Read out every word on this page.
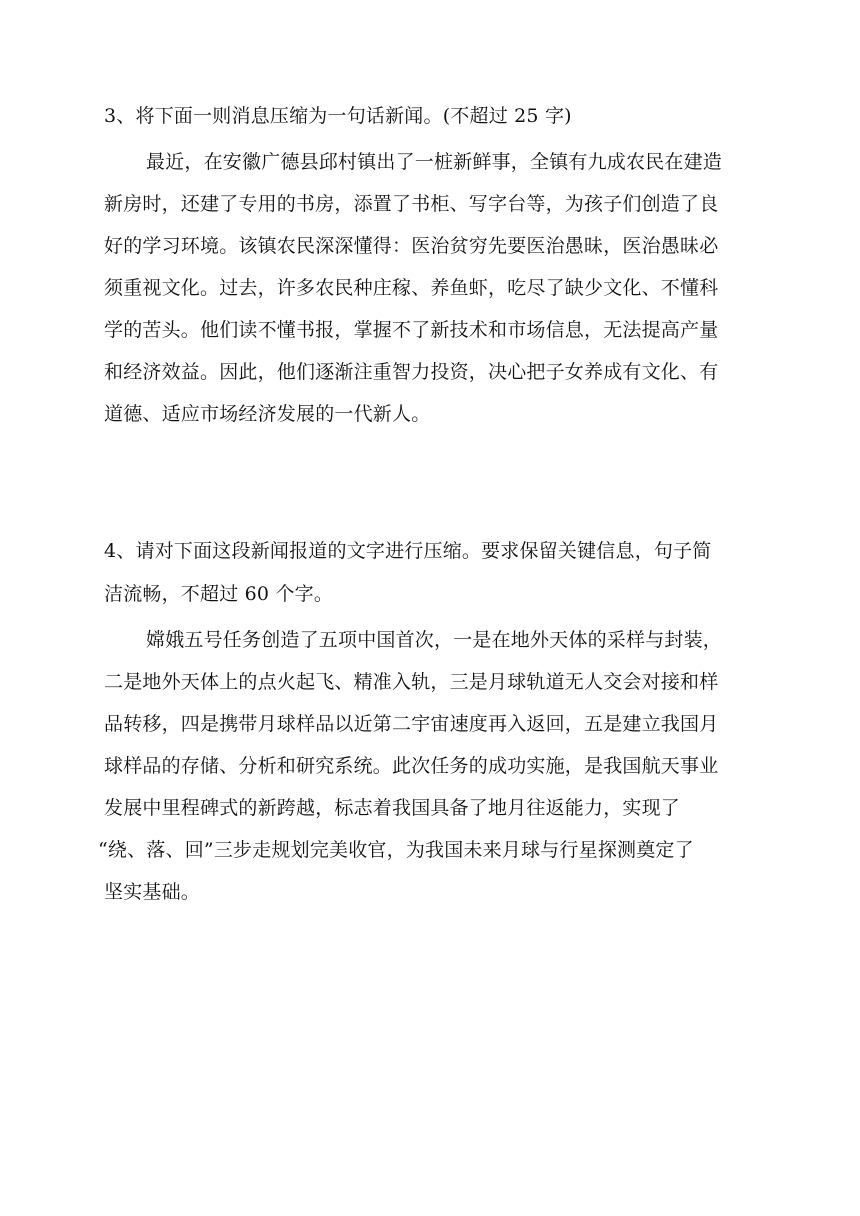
3、将下面一则消息压缩为一句话新闻。(不超过 25 字)
最近，在安徽广德县邱村镇出了一桩新鲜事，全镇有九成农民在建造
新房时，还建了专用的书房，添置了书柜、写字台等，为孩子们创造了良
好的学习环境。该镇农民深深懂得：医治贫穷先要医治愚昧，医治愚昧必
须重视文化。过去，许多农民种庄稼、养鱼虾，吃尽了缺少文化、不懂科
学的苦头。他们读不懂书报，掌握不了新技术和市场信息，无法提高产量
和经济效益。因此，他们逐渐注重智力投资，决心把子女养成有文化、有
道德、适应市场经济发展的一代新人。
4、请对下面这段新闻报道的文字进行压缩。要求保留关键信息，句子简
洁流畅，不超过 60 个字。
嫦娥五号任务创造了五项中国首次，一是在地外天体的采样与封装，
二是地外天体上的点火起飞、精准入轨，三是月球轨道无人交会对接和样
品转移，四是携带月球样品以近第二宇宙速度再入返回，五是建立我国月
球样品的存储、分析和研究系统。此次任务的成功实施，是我国航天事业
发展中里程碑式的新跨越，标志着我国具备了地月往返能力，实现了
“绕、落、回”三步走规划完美收官，为我国未来月球与行星探测奠定了
坚实基础。
